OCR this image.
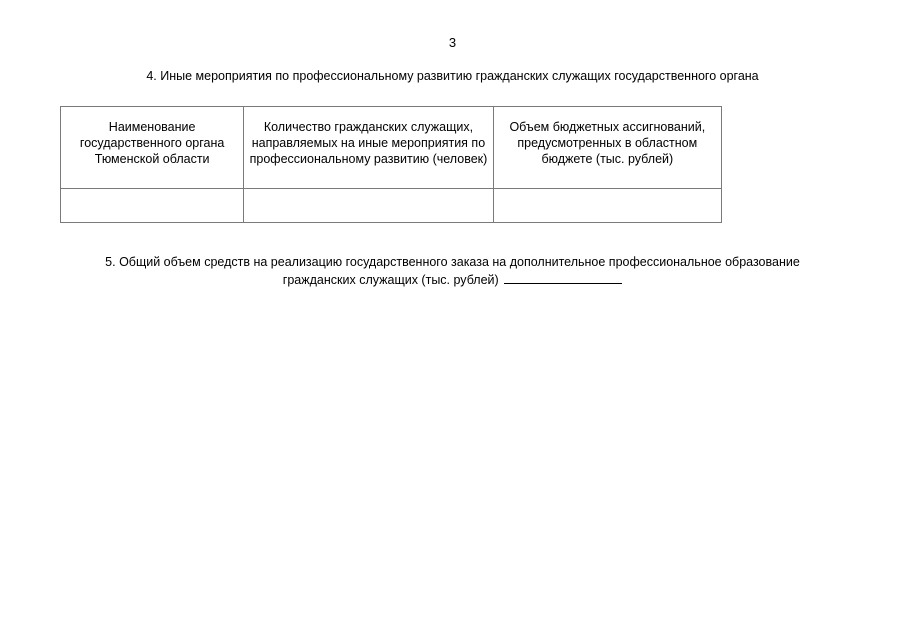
3
4. Иные мероприятия по профессиональному развитию гражданских служащих государственного органа
Наименование государственного органа Тюменской области	Количество гражданских служащих, направляемых на иные мероприятия по профессиональному развитию (человек)	Объем бюджетных ассигнований, предусмотренных в областном бюджете (тыс. рублей)

5. Общий объем средств на реализацию государственного заказа на дополнительное профессиональное образование
гражданских служащих (тыс. рублей)
